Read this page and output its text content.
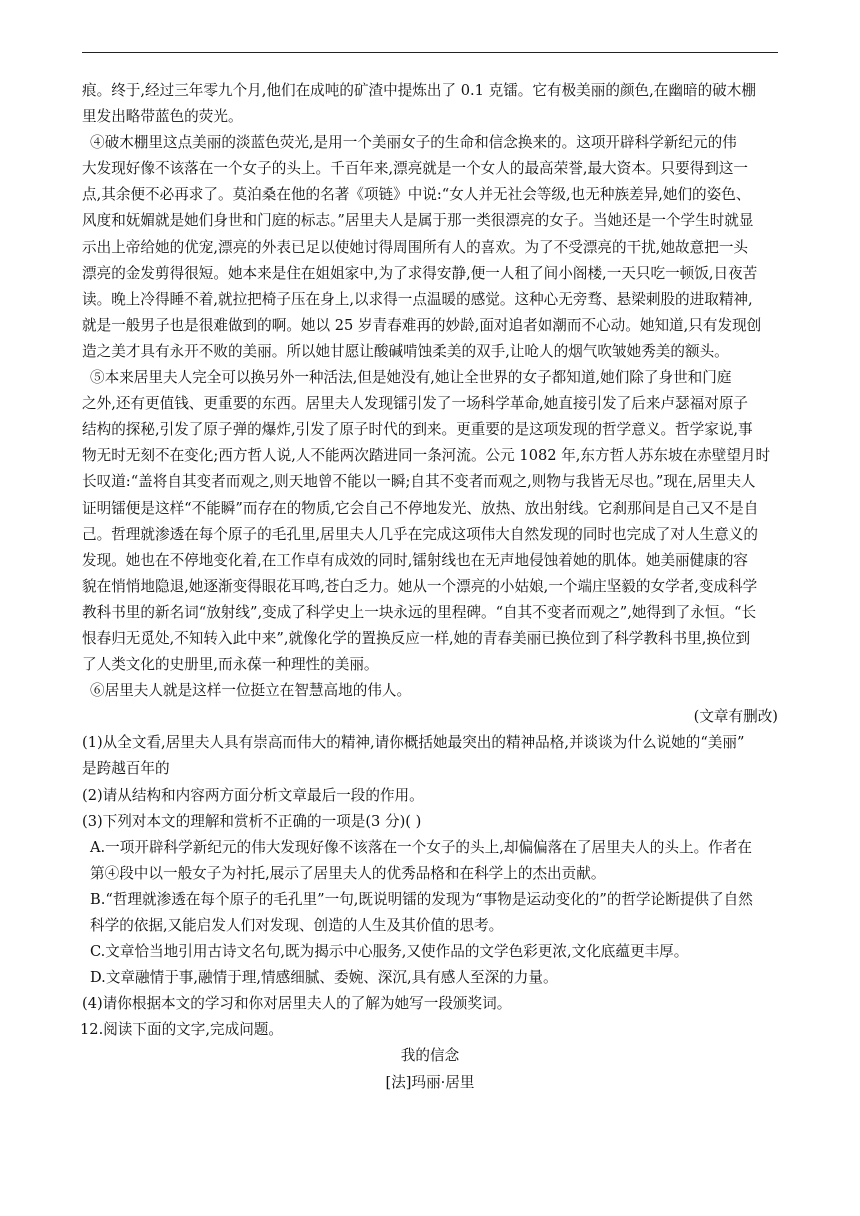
痕。终于,经过三年零九个月,他们在成吨的矿渣中提炼出了 0.1 克镭。它有极美丽的颜色,在幽暗的破木棚
里发出略带蓝色的荧光。
④破木棚里这点美丽的淡蓝色荧光,是用一个美丽女子的生命和信念换来的。这项开辟科学新纪元的伟
大发现好像不该落在一个女子的头上。千百年来,漂亮就是一个女人的最高荣誉,最大资本。只要得到这一
点,其余便不必再求了。莫泊桑在他的名著《项链》中说:“女人并无社会等级,也无种族差异,她们的姿色、
风度和妩媚就是她们身世和门庭的标志。”居里夫人是属于那一类很漂亮的女子。当她还是一个学生时就显
示出上帝给她的优宠,漂亮的外表已足以使她讨得周围所有人的喜欢。为了不受漂亮的干扰,她故意把一头
漂亮的金发剪得很短。她本来是住在姐姐家中,为了求得安静,便一人租了间小阁楼,一天只吃一顿饭,日夜苦
读。晚上冷得睡不着,就拉把椅子压在身上,以求得一点温暖的感觉。这种心无旁骛、悬梁刺股的进取精神,
就是一般男子也是很难做到的啊。她以 25 岁青春难再的妙龄,面对追者如潮而不心动。她知道,只有发现创
造之美才具有永开不败的美丽。所以她甘愿让酸碱啃蚀柔美的双手,让呛人的烟气吹皱她秀美的额头。
⑤本来居里夫人完全可以换另外一种活法,但是她没有,她让全世界的女子都知道,她们除了身世和门庭
之外,还有更值钱、更重要的东西。居里夫人发现镭引发了一场科学革命,她直接引发了后来卢瑟福对原子
结构的探秘,引发了原子弹的爆炸,引发了原子时代的到来。更重要的是这项发现的哲学意义。哲学家说,事
物无时无刻不在变化;西方哲人说,人不能两次踏进同一条河流。公元 1082 年,东方哲人苏东坡在赤壁望月时
长叹道:“盖将自其变者而观之,则天地曾不能以一瞬;自其不变者而观之,则物与我皆无尽也。”现在,居里夫人
证明镭便是这样“不能瞬”而存在的物质,它会自己不停地发光、放热、放出射线。它刹那间是自己又不是自
己。哲理就渗透在每个原子的毛孔里,居里夫人几乎在完成这项伟大自然发现的同时也完成了对人生意义的
发现。她也在不停地变化着,在工作卓有成效的同时,镭射线也在无声地侵蚀着她的肌体。她美丽健康的容
貌在悄悄地隐退,她逐渐变得眼花耳鸣,苍白乏力。她从一个漂亮的小姑娘,一个端庄坚毅的女学者,变成科学
教科书里的新名词“放射线”,变成了科学史上一块永远的里程碑。“自其不变者而观之”,她得到了永恒。“长
恨春归无觅处,不知转入此中来”,就像化学的置换反应一样,她的青春美丽已换位到了科学教科书里,换位到
了人类文化的史册里,而永葆一种理性的美丽。
⑥居里夫人就是这样一位挺立在智慧高地的伟人。
(文章有删改)
(1)从全文看,居里夫人具有崇高而伟大的精神,请你概括她最突出的精神品格,并谈谈为什么说她的“美丽”
是跨越百年的
(2)请从结构和内容两方面分析文章最后一段的作用。
(3)下列对本文的理解和赏析不正确的一项是(3 分)( )
A.一项开辟科学新纪元的伟大发现好像不该落在一个女子的头上,却偏偏落在了居里夫人的头上。作者在
第④段中以一般女子为衬托,展示了居里夫人的优秀品格和在科学上的杰出贡献。
B.“哲理就渗透在每个原子的毛孔里”一句,既说明镭的发现为“事物是运动变化的”的哲学论断提供了自然
科学的依据,又能启发人们对发现、创造的人生及其价值的思考。
C.文章恰当地引用古诗文名句,既为揭示中心服务,又使作品的文学色彩更浓,文化底蕴更丰厚。
D.文章融情于事,融情于理,情感细腻、委婉、深沉,具有感人至深的力量。
(4)请你根据本文的学习和你对居里夫人的了解为她写一段颁奖词。
12.阅读下面的文字,完成问题。
我的信念
[法]玛丽·居里
